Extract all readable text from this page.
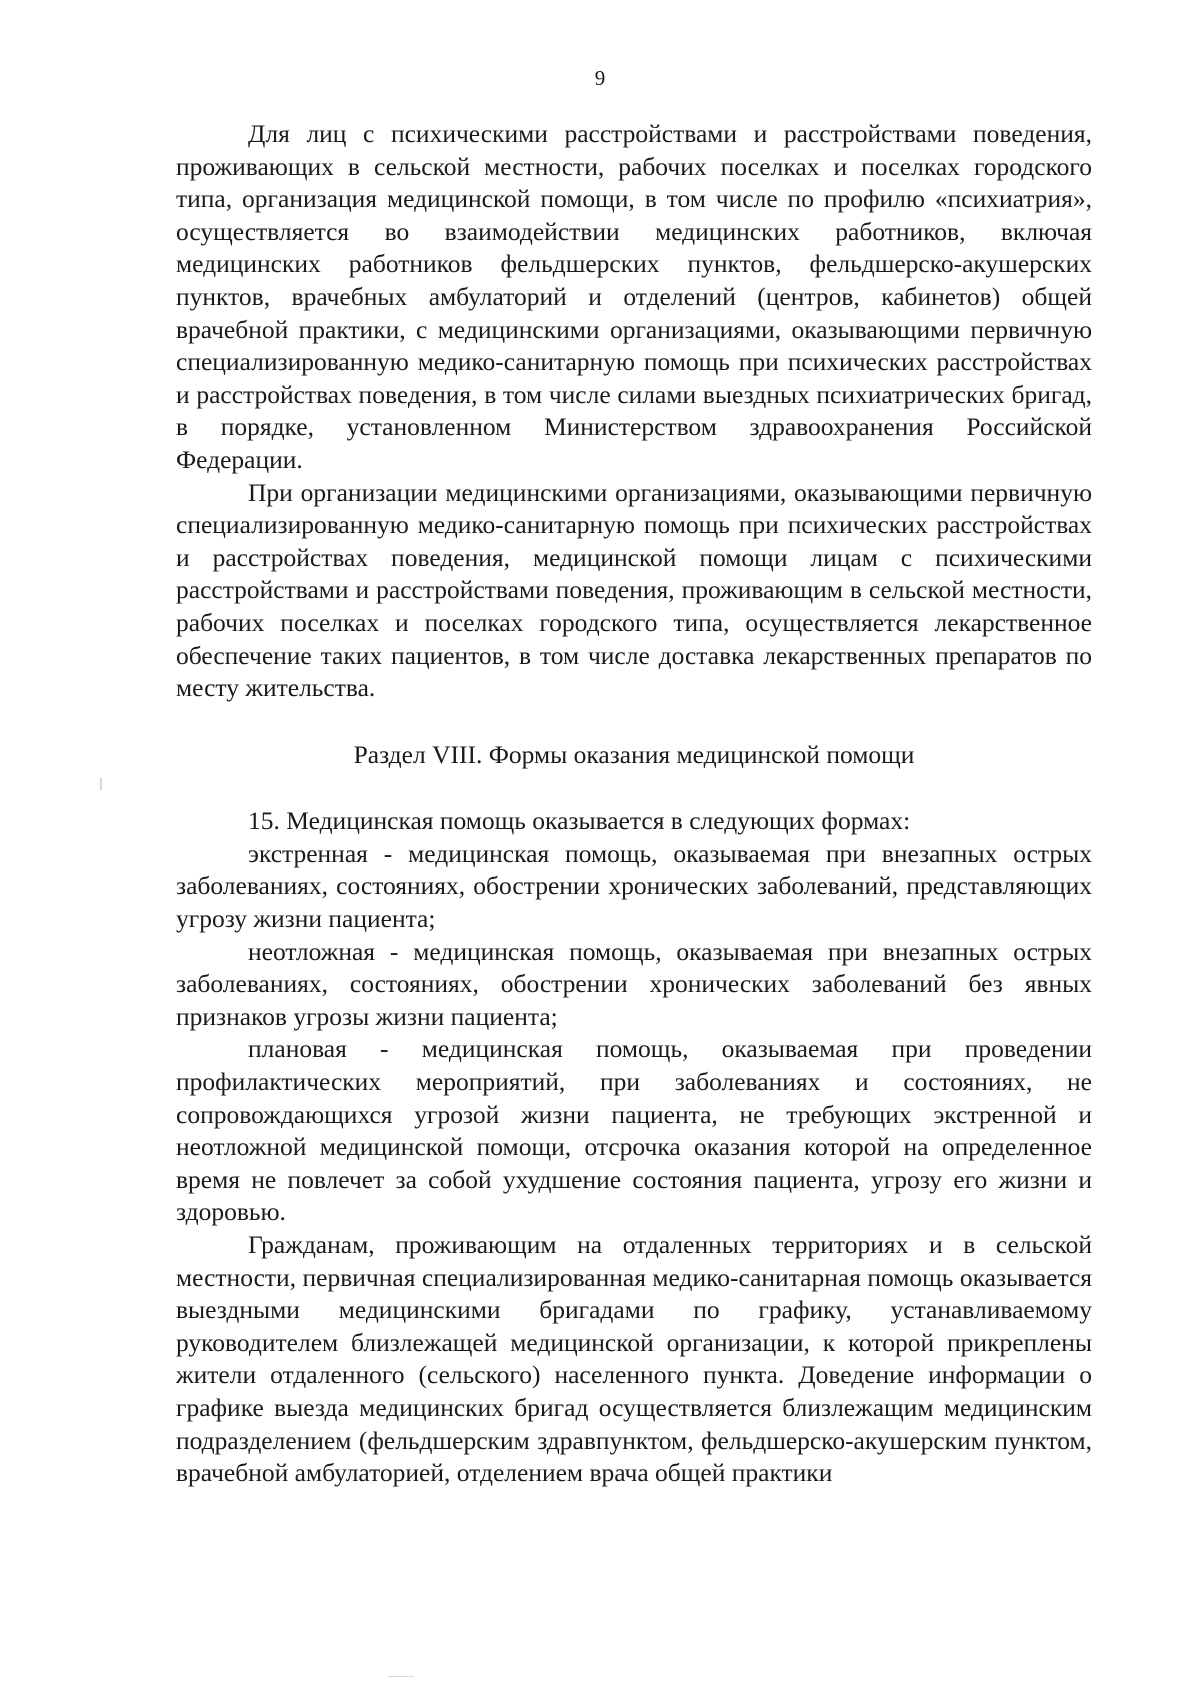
9

Для лиц с психическими расстройствами и расстройствами поведения, проживающих в сельской местности, рабочих поселках и поселках городского типа, организация медицинской помощи, в том числе по профилю «психиатрия», осуществляется во взаимодействии медицинских работников, включая медицинских работников фельдшерских пунктов, фельдшерско-акушерских пунктов, врачебных амбулаторий и отделений (центров, кабинетов) общей врачебной практики, с медицинскими организациями, оказывающими первичную специализированную медико-санитарную помощь при психических расстройствах и расстройствах поведения, в том числе силами выездных психиатрических бригад, в порядке, установленном Министерством здравоохранения Российской Федерации.

При организации медицинскими организациями, оказывающими первичную специализированную медико-санитарную помощь при психических расстройствах и расстройствах поведения, медицинской помощи лицам с психическими расстройствами и расстройствами поведения, проживающим в сельской местности, рабочих поселках и поселках городского типа, осуществляется лекарственное обеспечение таких пациентов, в том числе доставка лекарственных препаратов по месту жительства.

Раздел VIII. Формы оказания медицинской помощи

15. Медицинская помощь оказывается в следующих формах:

экстренная - медицинская помощь, оказываемая при внезапных острых заболеваниях, состояниях, обострении хронических заболеваний, представляющих угрозу жизни пациента;

неотложная - медицинская помощь, оказываемая при внезапных острых заболеваниях, состояниях, обострении хронических заболеваний без явных признаков угрозы жизни пациента;

плановая - медицинская помощь, оказываемая при проведении профилактических мероприятий, при заболеваниях и состояниях, не сопровождающихся угрозой жизни пациента, не требующих экстренной и неотложной медицинской помощи, отсрочка оказания которой на определенное время не повлечет за собой ухудшение состояния пациента, угрозу его жизни и здоровью.

Гражданам, проживающим на отдаленных территориях и в сельской местности, первичная специализированная медико-санитарная помощь оказывается выездными медицинскими бригадами по графику, устанавливаемому руководителем близлежащей медицинской организации, к которой прикреплены жители отдаленного (сельского) населенного пункта. Доведение информации о графике выезда медицинских бригад осуществляется близлежащим медицинским подразделением (фельдшерским здравпунктом, фельдшерско-акушерским пунктом, врачебной амбулаторией, отделением врача общей практики
